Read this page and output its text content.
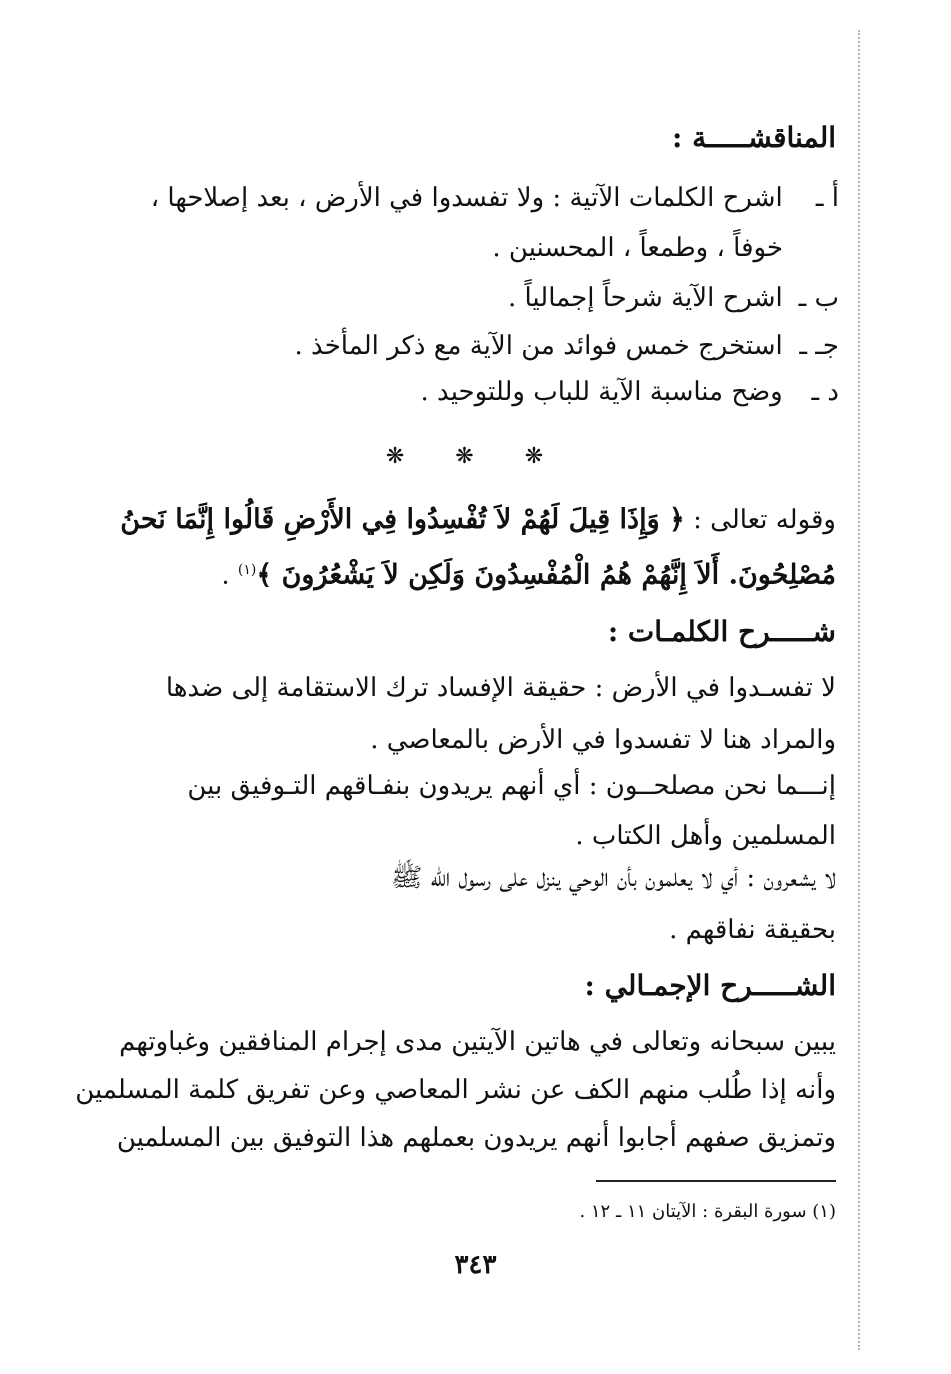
المناقشـــــة :
أ ـ اشرح الكلمات الآتية : ولا تفسدوا في الأرض ، بعد إصلاحها ،
خوفاً ، وطمعاً ، المحسنين .
ب ـ اشرح الآية شرحاً إجمالياً .
جـ ـ استخرج خمس فوائد من الآية مع ذكر المأخذ .
د ـ وضح مناسبة الآية للباب وللتوحيد .
❋ ❋ ❋
وقوله تعالى : ﴿ وَإِذَا قِيلَ لَهُمْ لاَ تُفْسِدُوا فِي الأَرْضِ قَالُوا إِنَّمَا نَحنُ
مُصْلِحُونَ. أَلاَ إِنَّهُمْ هُمُ الْمُفْسِدُونَ وَلَكِن لاَ يَشْعُرُونَ ﴾$^{(١)}$ .
شـــــرح الكلمـات :
لا تفسـدوا في الأرض : حقيقة الإفساد ترك الاستقامة إلى ضدها
والمراد هنا لا تفسدوا في الأرض بالمعاصي .
إنـــما نحن مصلحــون : أي أنهم يريدون بنفـاقهم التـوفيق بين
المسلمين وأهل الكتاب .
لا يشعرون : أي لا يعلمون بأن الوحي ينزل على رسول الله ﷺ
بحقيقة نفاقهم .
الشـــــرح الإجمـالي :
يبين سبحانه وتعالى في هاتين الآيتين مدى إجرام المنافقين وغباوتهم
وأنه إذا طُلب منهم الكف عن نشر المعاصي وعن تفريق كلمة المسلمين
وتمزيق صفهم أجابوا أنهم يريدون بعملهم هذا التوفيق بين المسلمين
(١) سورة البقرة : الآيتان ١١ ـ ١٢ .
٣٤٣
